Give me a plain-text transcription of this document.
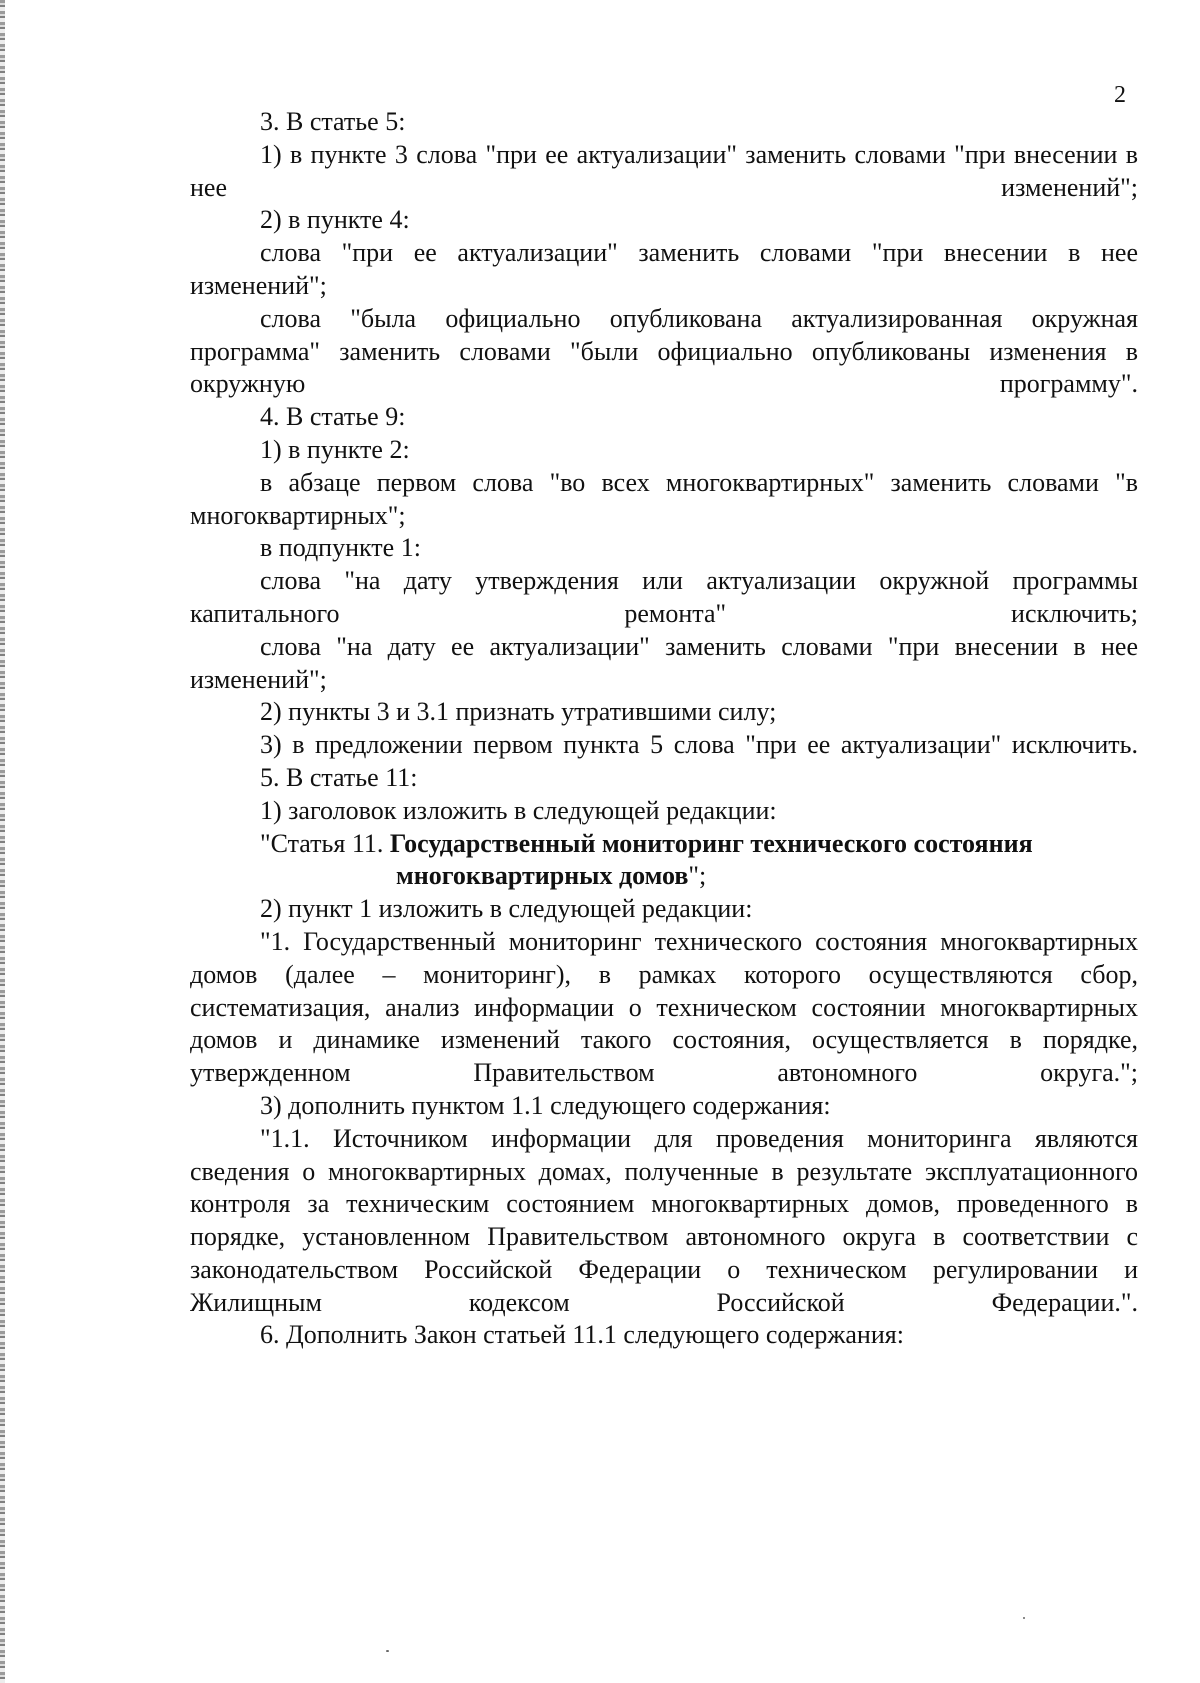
2

3. В статье 5:

1) в пункте 3 слова "при ее актуализации" заменить словами "при внесении в нее изменений";

2) в пункте 4:

слова "при ее актуализации" заменить словами "при внесении в нее изменений";

слова "была официально опубликована актуализированная окружная программа" заменить словами "были официально опубликованы изменения в окружную программу".

4. В статье 9:

1) в пункте 2:

в абзаце первом слова "во всех многоквартирных" заменить словами "в многоквартирных";

в подпункте 1:

слова "на дату утверждения или актуализации окружной программы капитального ремонта" исключить;

слова "на дату ее актуализации" заменить словами "при внесении в нее изменений";

2) пункты 3 и 3.1 признать утратившими силу;

3) в предложении первом пункта 5 слова "при ее актуализации" исключить.

5. В статье 11:

1) заголовок изложить в следующей редакции:

"Статья 11. Государственный мониторинг технического состояния
многоквартирных домов";

2) пункт 1 изложить в следующей редакции:

"1. Государственный мониторинг технического состояния многоквартирных домов (далее – мониторинг), в рамках которого осуществляются сбор, систематизация, анализ информации о техническом состоянии многоквартирных домов и динамике изменений такого состояния, осуществляется в порядке, утвержденном Правительством автономного округа.";

3) дополнить пунктом 1.1 следующего содержания:

"1.1. Источником информации для проведения мониторинга являются сведения о многоквартирных домах, полученные в результате эксплуатационного контроля за техническим состоянием многоквартирных домов, проведенного в порядке, установленном Правительством автономного округа в соответствии с законодательством Российской Федерации о техническом регулировании и Жилищным кодексом Российской Федерации.".

6. Дополнить Закон статьей 11.1 следующего содержания:
